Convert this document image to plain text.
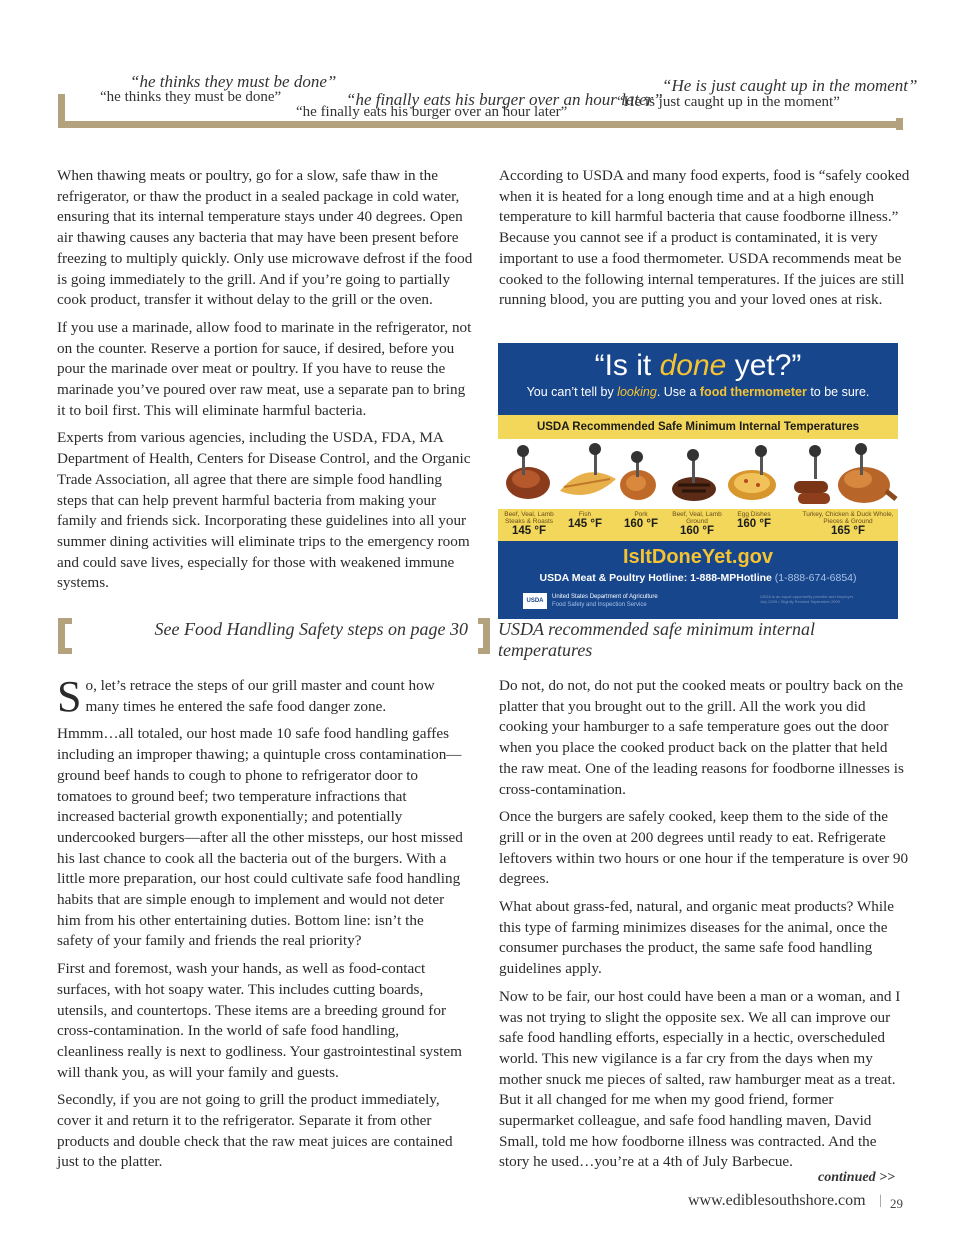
“he thinks they must be done”
“he thinks they must be done”	“he finally eats his burger over an hour later”
“he finally eats his burger over an hour later”
“He is just caught up in the moment”
“He is just caught up in the moment”

When thawing meats or poultry, go for a slow, safe thaw in the refrigerator, or thaw the product in a sealed package in cold water, ensuring that its internal temperature stays under 40 degrees. Open air thawing causes any bacteria that may have been present before freezing to multiply quickly. Only use microwave defrost if the food is going immediately to the grill. And if you’re going to partially cook product, transfer it without delay to the grill or the oven.

If you use a marinade, allow food to marinate in the refrigerator, not on the counter. Reserve a portion for sauce, if desired, before you pour the marinade over meat or poultry. If you have to reuse the marinade you’ve poured over raw meat, use a separate pan to bring it to boil first. This will eliminate harmful bacteria.

Experts from various agencies, including the USDA, FDA, MA Department of Health, Centers for Disease Control, and the Organic Trade Association, all agree that there are simple food handling steps that can help prevent harmful bacteria from making your family and friends sick. Incorporating these guidelines into all your summer dining activities will eliminate trips to the emergency room and could save lives, especially for those with weakened immune systems.

See Food Handling Safety steps on page 30

According to USDA and many food experts, food is “safely cooked when it is heated for a long enough time and at a high enough temperature to kill harmful bacteria that cause foodborne illness.” Because you cannot see if a product is contaminated, it is very important to use a food thermometer. USDA recommends meat be cooked to the following internal temperatures. If the juices are still running blood, you are putting you and your loved ones at risk.

“Is it done yet?”
You can’t tell by looking. Use a food thermometer to be sure.
USDA Recommended Safe Minimum Internal Temperatures
Beef, Veal, Lamb Steaks & Roasts
145 °F
Fish
145 °F
Pork
160 °F
Beef, Veal, Lamb Ground
160 °F
Egg Dishes
160 °F
Turkey, Chicken & Duck Whole, Pieces & Ground
165 °F
IsItDoneYet.gov
USDA Meat & Poultry Hotline: 1-888-MPHotline (1-888-674-6854)
USDA
United States Department of Agriculture
Food Safety and Inspection Service
USDA is an equal opportunity provider and employer.
July 2009 • Slightly Revised September 2009
USDA recommended safe minimum internal temperatures

So, let’s retrace the steps of our grill master and count how many times he entered the safe food danger zone.

Hmmm…all totaled, our host made 10 safe food handling gaffes including an improper thawing; a quintuple cross contamination—ground beef hands to cough to phone to refrigerator door to tomatoes to ground beef; two temperature infractions that increased bacterial growth exponentially; and potentially undercooked burgers—after all the other missteps, our host missed his last chance to cook all the bacteria out of the burgers. With a little more preparation, our host could cultivate safe food handling habits that are simple enough to implement and would not deter him from his other entertaining duties. Bottom line: isn’t the safety of your family and friends the real priority?

First and foremost, wash your hands, as well as food-contact surfaces, with hot soapy water. This includes cutting boards, utensils, and countertops. These items are a breeding ground for cross-contamination. In the world of safe food handling, cleanliness really is next to godliness. Your gastrointestinal system will thank you, as will your family and guests.

Secondly, if you are not going to grill the product immediately, cover it and return it to the refrigerator. Separate it from other products and double check that the raw meat juices are contained just to the platter.

Do not, do not, do not put the cooked meats or poultry back on the platter that you brought out to the grill. All the work you did cooking your hamburger to a safe temperature goes out the door when you place the cooked product back on the platter that held the raw meat. One of the leading reasons for foodborne illnesses is cross-contamination.

Once the burgers are safely cooked, keep them to the side of the grill or in the oven at 200 degrees until ready to eat. Refrigerate leftovers within two hours or one hour if the temperature is over 90 degrees.

What about grass-fed, natural, and organic meat products? While this type of farming minimizes diseases for the animal, once the consumer purchases the product, the same safe food handling guidelines apply.

Now to be fair, our host could have been a man or a woman, and I was not trying to slight the opposite sex. We all can improve our safe food handling efforts, especially in a hectic, overscheduled world. This new vigilance is a far cry from the days when my mother snuck me pieces of salted, raw hamburger meat as a treat. But it all changed for me when my good friend, former supermarket colleague, and safe food handling maven, David Small, told me how foodborne illness was contracted. And the story he used…you’re at a 4th of July Barbecue.

continued >>
www.ediblesouthshore.com | 29
